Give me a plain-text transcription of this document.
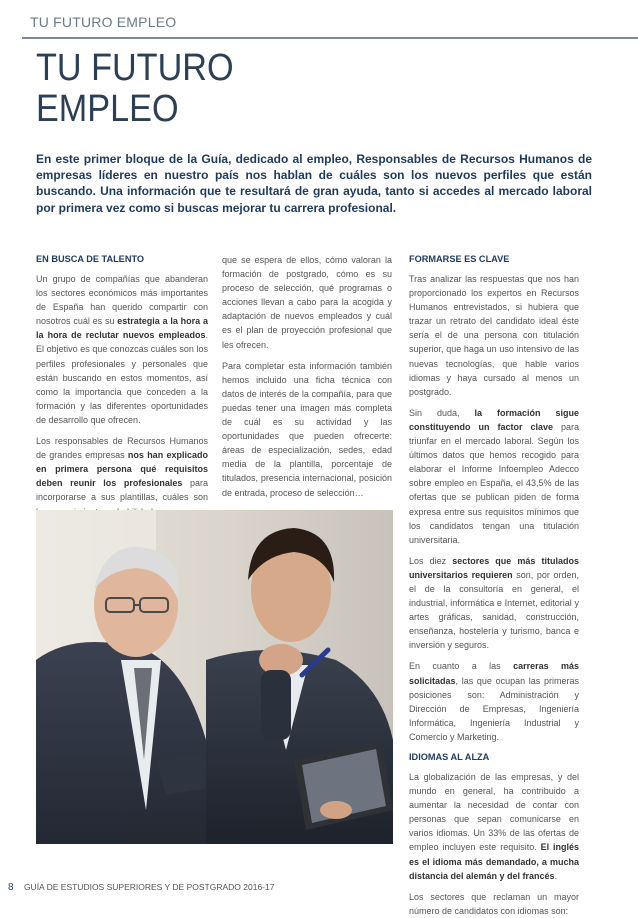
TU FUTURO EMPLEO
TU FUTURO
EMPLEO

En este primer bloque de la Guía, dedicado al empleo, Responsables de Recursos Humanos de empresas líderes en nuestro país nos hablan de cuáles son los nuevos perfiles que están buscando. Una información que te resultará de gran ayuda, tanto si accedes al mercado laboral por primera vez como si buscas mejorar tu carrera profesional.

EN BUSCA DE TALENTO

Un grupo de compañías que abanderan los sectores económicos más importantes de España han querido compartir con nosotros cuál es su estrategia a la hora a la hora de reclutar nuevos empleados. El objetivo es que conozcas cuáles son los perfiles profesionales y personales que están buscando en estos momentos, así como la importancia que conceden a la formación y las diferentes oportunidades de desarrollo que ofrecen.

Los responsables de Recursos Humanos de grandes empresas nos han explicado en primera persona qué requisitos deben reunir los profesionales para incorporarse a sus plantillas, cuáles son

que se espera de ellos, cómo valoran la formación de postgrado, cómo es su proceso de selección, qué programas o acciones llevan a cabo para la acogida y adaptación de nuevos empleados y cuál es el plan de proyección profesional que les ofrecen.

Para completar esta información también hemos incluido una ficha técnica con datos de interés de la compañía, para que puedas tener una imagen más completa de cuál es su actividad y las oportunidades que pueden ofrecerte: áreas de especialización, sedes, edad media de la plantilla, porcentaje de titulados, presencia internacional, posición de entrada, proceso de selección…

FORMARSE ES CLAVE

Tras analizar las respuestas que nos han proporcionado los expertos en Recursos Humanos entrevistados, si hubiera que trazar un retrato del candidato ideal éste sería el de una persona con titulación superior, que haga un uso intensivo de las nuevas tecnologías, que hable varios idiomas y haya cursado al menos un postgrado.

Sin duda, la formación sigue constituyendo un factor clave para triunfar en el mercado laboral. Según los últimos datos que hemos recogido para elaborar el Informe Infoempleo Adecco sobre empleo en España, el 43,5% de las ofertas que se publican piden de forma expresa entre sus requisitos mínimos que los candidatos tengan una titulación universitaria.

Los diez sectores que más titulados universitarios requieren son, por orden, el de la consultoría en general, el industrial, informática e Internet, editorial y artes gráficas, sanidad, construcción, enseñanza, hostelería y turismo, banca e inversión y seguros.

En cuanto a las carreras más solicitadas, las que ocupan las primeras posiciones son: Administración y Dirección de Empresas, Ingeniería Informática, Ingeniería Industrial y Comercio y Marketing.

IDIOMAS AL ALZA

La globalización de las empresas, y del mundo en general, ha contribuido a aumentar la necesidad de contar con personas que sepan comunicarse en varios idiomas. Un 33% de las ofertas de empleo incluyen este requisito. El inglés es el idioma más demandado, a mucha distancia del alemán y del francés.

Los sectores que reclaman un mayor número de candidatos con idiomas son:

8 GUÍA DE ESTUDIOS SUPERIORES Y DE POSTGRADO 2016-17
